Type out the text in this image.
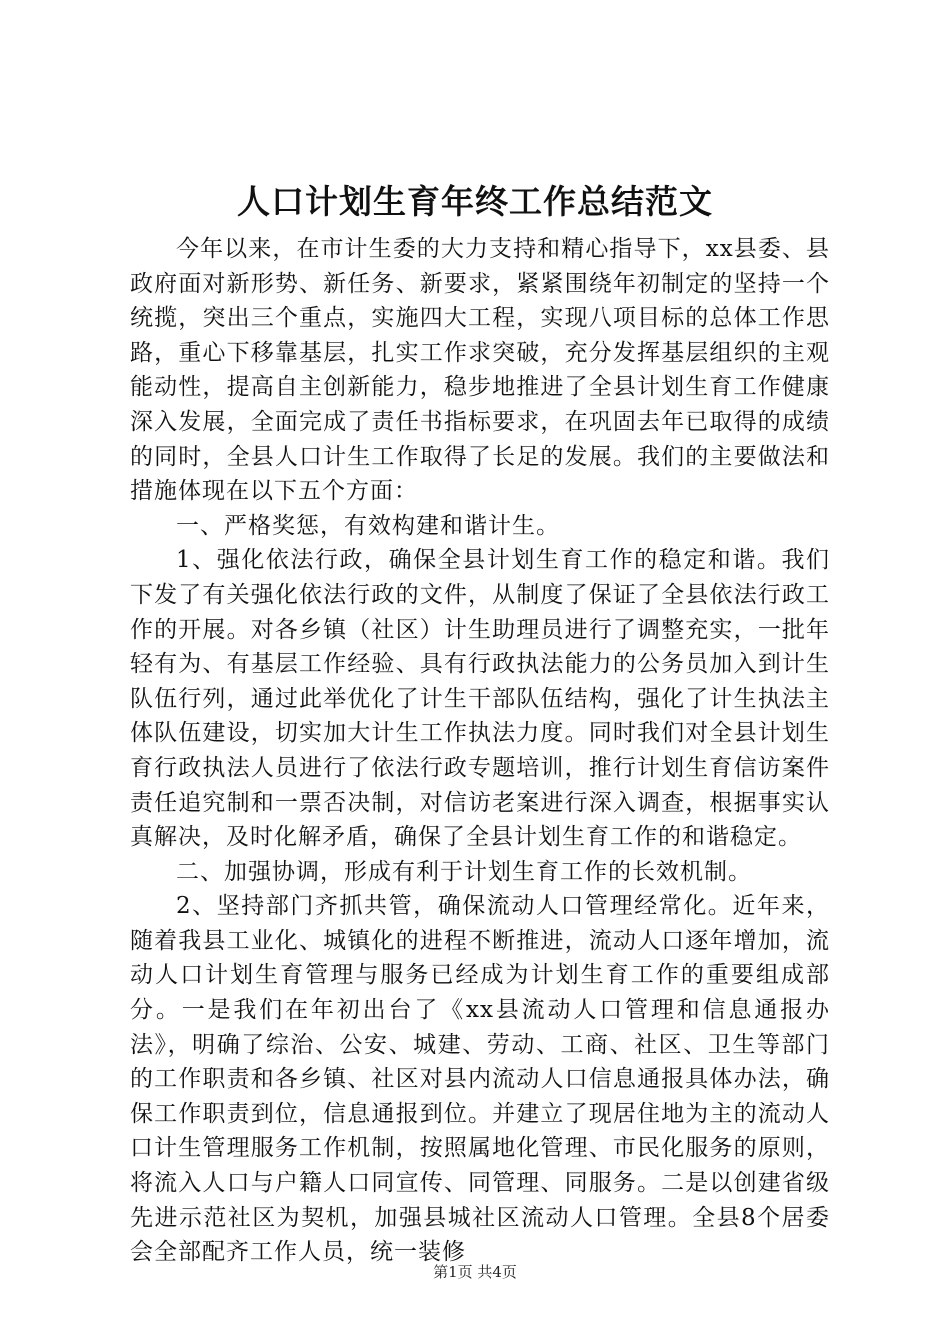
人口计划生育年终工作总结范文

今年以来，在市计生委的大力支持和精心指导下，xx县委、县政府面对新形势、新任务、新要求，紧紧围绕年初制定的坚持一个统揽，突出三个重点，实施四大工程，实现八项目标的总体工作思路，重心下移靠基层，扎实工作求突破，充分发挥基层组织的主观能动性，提高自主创新能力，稳步地推进了全县计划生育工作健康深入发展，全面完成了责任书指标要求，在巩固去年已取得的成绩的同时，全县人口计生工作取得了长足的发展。我们的主要做法和措施体现在以下五个方面：

一、严格奖惩，有效构建和谐计生。

1、强化依法行政，确保全县计划生育工作的稳定和谐。我们下发了有关强化依法行政的文件，从制度了保证了全县依法行政工作的开展。对各乡镇（社区）计生助理员进行了调整充实，一批年轻有为、有基层工作经验、具有行政执法能力的公务员加入到计生队伍行列，通过此举优化了计生干部队伍结构，强化了计生执法主体队伍建设，切实加大计生工作执法力度。同时我们对全县计划生育行政执法人员进行了依法行政专题培训，推行计划生育信访案件责任追究制和一票否决制，对信访老案进行深入调查，根据事实认真解决，及时化解矛盾，确保了全县计划生育工作的和谐稳定。

二、加强协调，形成有利于计划生育工作的长效机制。

2、坚持部门齐抓共管，确保流动人口管理经常化。近年来，随着我县工业化、城镇化的进程不断推进，流动人口逐年增加，流动人口计划生育管理与服务已经成为计划生育工作的重要组成部分。一是我们在年初出台了《xx县流动人口管理和信息通报办法》，明确了综治、公安、城建、劳动、工商、社区、卫生等部门的工作职责和各乡镇、社区对县内流动人口信息通报具体办法，确保工作职责到位，信息通报到位。并建立了现居住地为主的流动人口计生管理服务工作机制，按照属地化管理、市民化服务的原则，将流入人口与户籍人口同宣传、同管理、同服务。二是以创建省级先进示范社区为契机，加强县城社区流动人口管理。全县8个居委会全部配齐工作人员，统一装修

第1页 共4页
